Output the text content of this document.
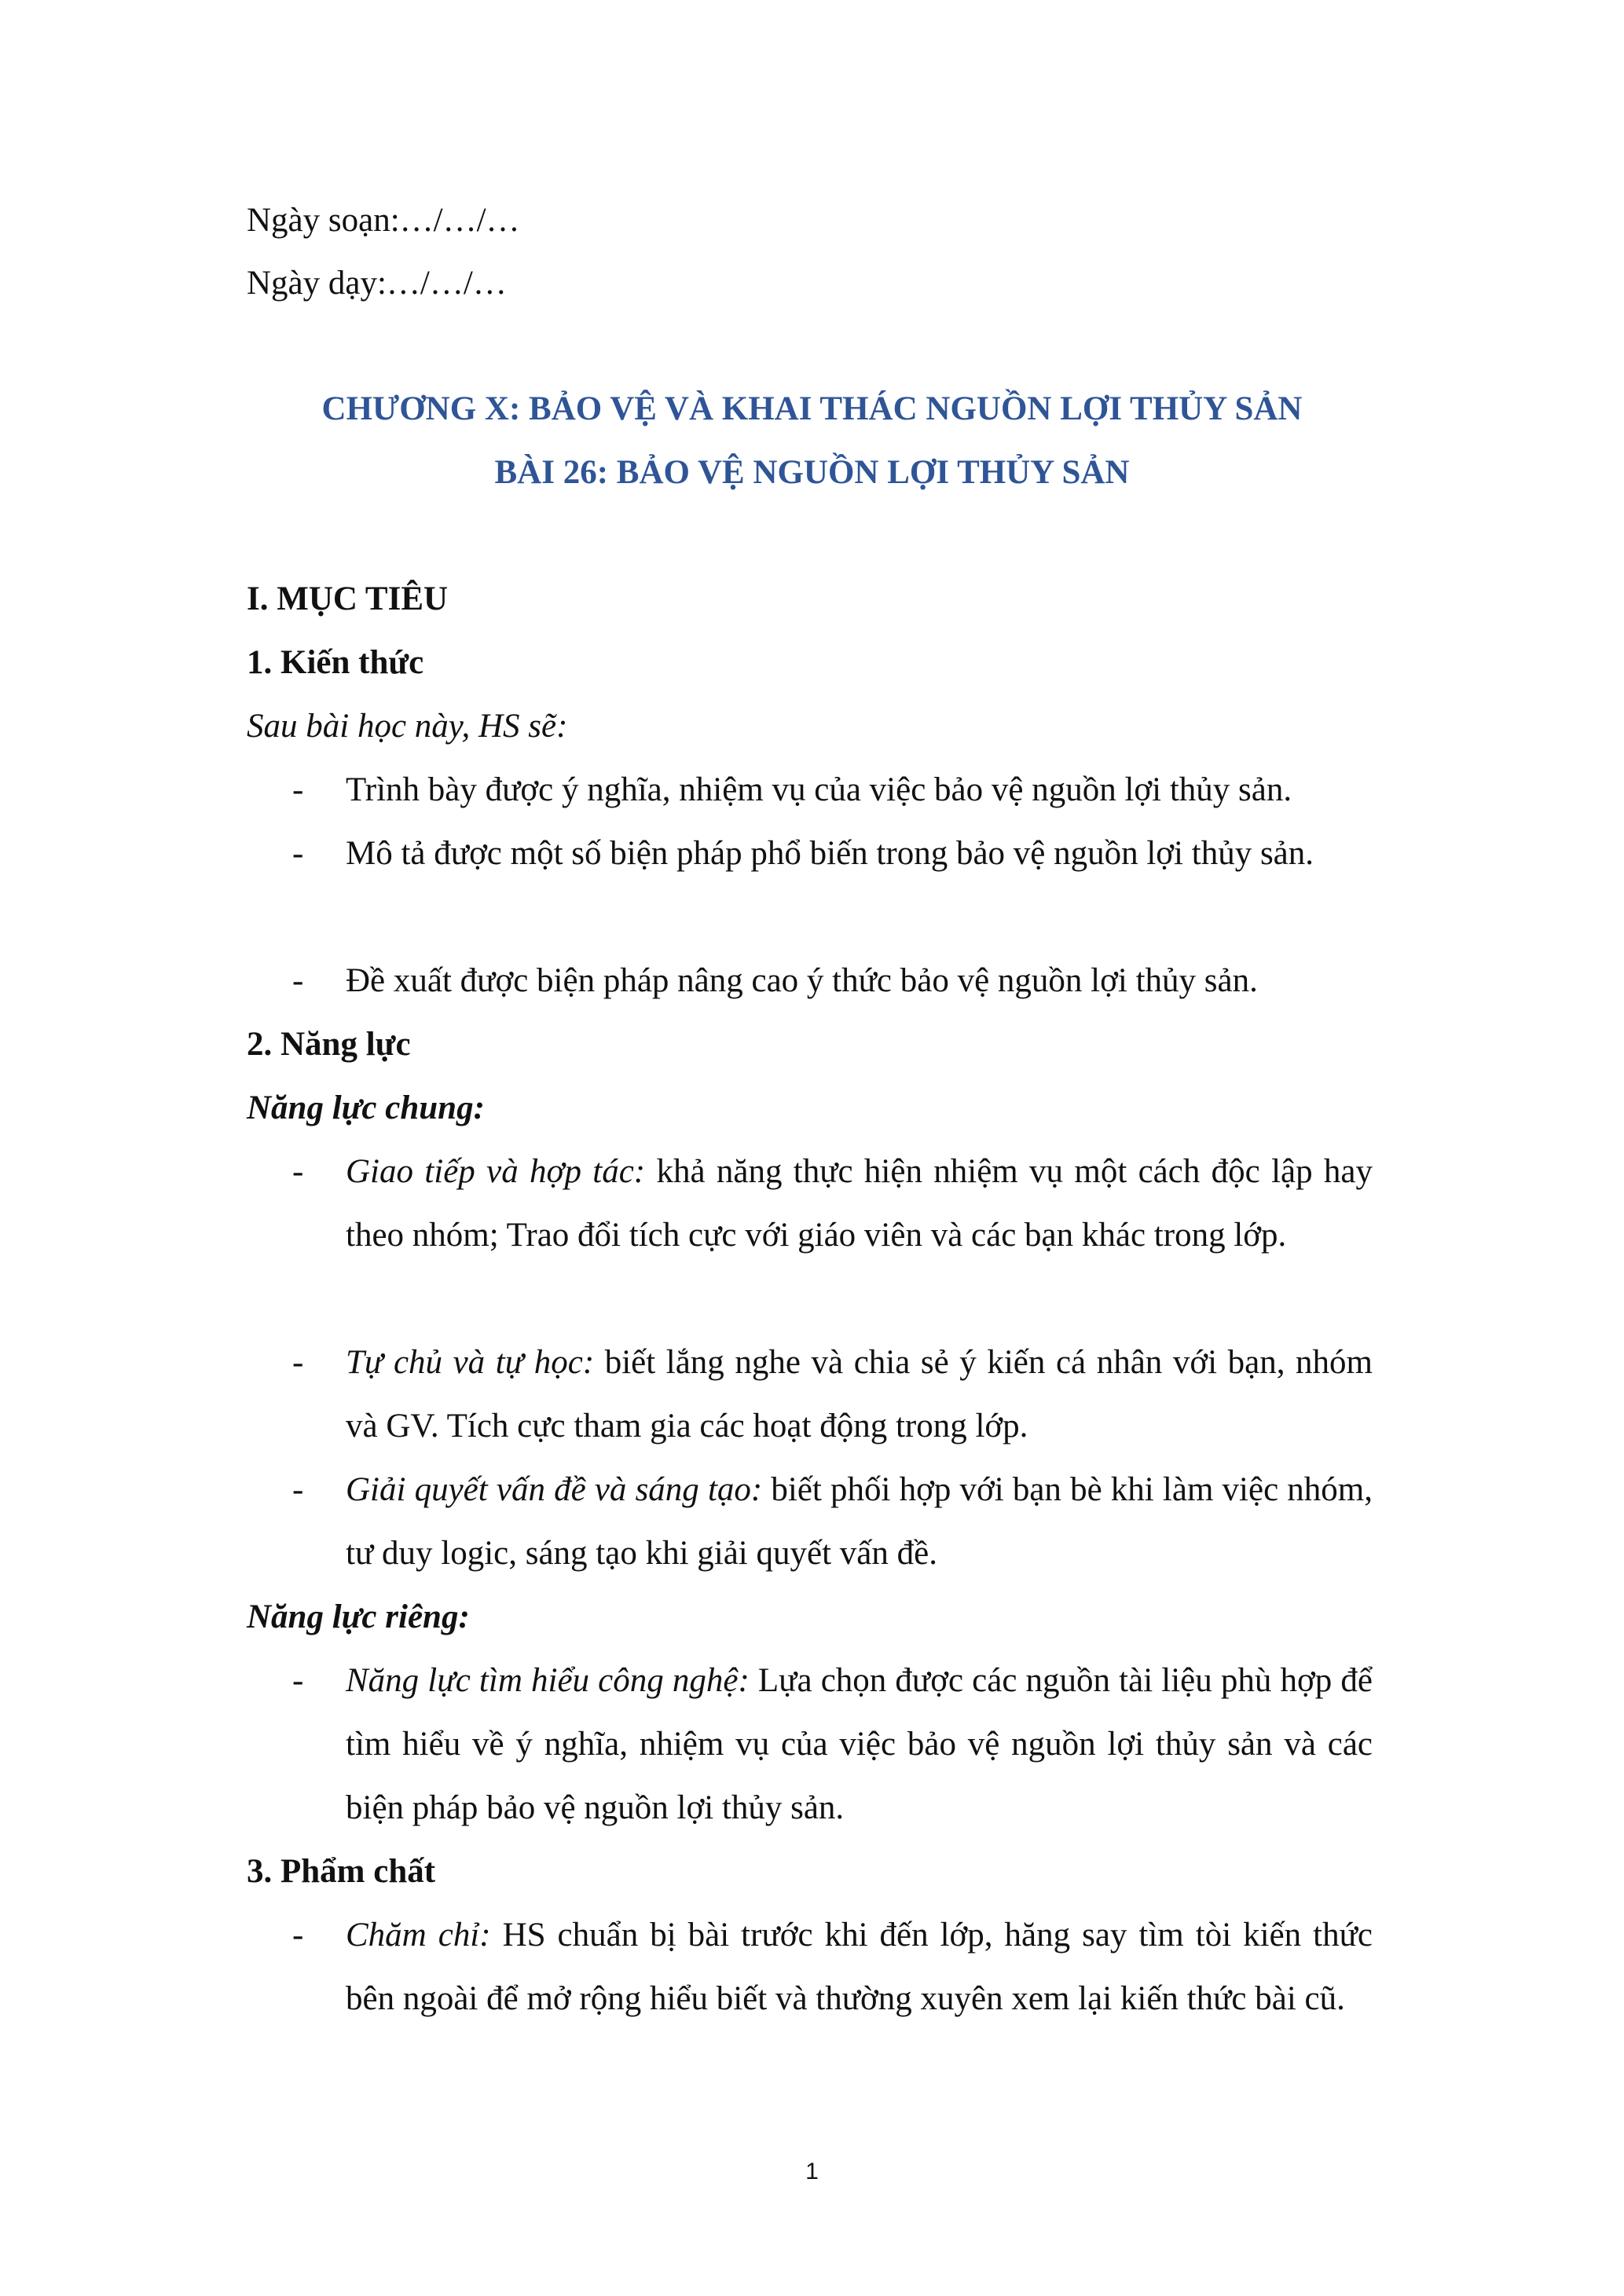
Ngày soạn:…/…/…
Ngày dạy:…/…/…
CHƯƠNG X: BẢO VỆ VÀ KHAI THÁC NGUỒN LỢI THỦY SẢN
BÀI 26: BẢO VỆ NGUỒN LỢI THỦY SẢN
I. MỤC TIÊU
1. Kiến thức
Sau bài học này, HS sẽ:
- Trình bày được ý nghĩa, nhiệm vụ của việc bảo vệ nguồn lợi thủy sản.
- Mô tả được một số biện pháp phổ biến trong bảo vệ nguồn lợi thủy sản.
- Đề xuất được biện pháp nâng cao ý thức bảo vệ nguồn lợi thủy sản.
2. Năng lực
Năng lực chung:
- Giao tiếp và hợp tác: khả năng thực hiện nhiệm vụ một cách độc lập hay theo nhóm; Trao đổi tích cực với giáo viên và các bạn khác trong lớp.
- Tự chủ và tự học: biết lắng nghe và chia sẻ ý kiến cá nhân với bạn, nhóm và GV. Tích cực tham gia các hoạt động trong lớp.
- Giải quyết vấn đề và sáng tạo: biết phối hợp với bạn bè khi làm việc nhóm, tư duy logic, sáng tạo khi giải quyết vấn đề.
Năng lực riêng:
- Năng lực tìm hiểu công nghệ: Lựa chọn được các nguồn tài liệu phù hợp để tìm hiểu về ý nghĩa, nhiệm vụ của việc bảo vệ nguồn lợi thủy sản và các biện pháp bảo vệ nguồn lợi thủy sản.
3. Phẩm chất
- Chăm chỉ: HS chuẩn bị bài trước khi đến lớp, hăng say tìm tòi kiến thức bên ngoài để mở rộng hiểu biết và thường xuyên xem lại kiến thức bài cũ.
1
